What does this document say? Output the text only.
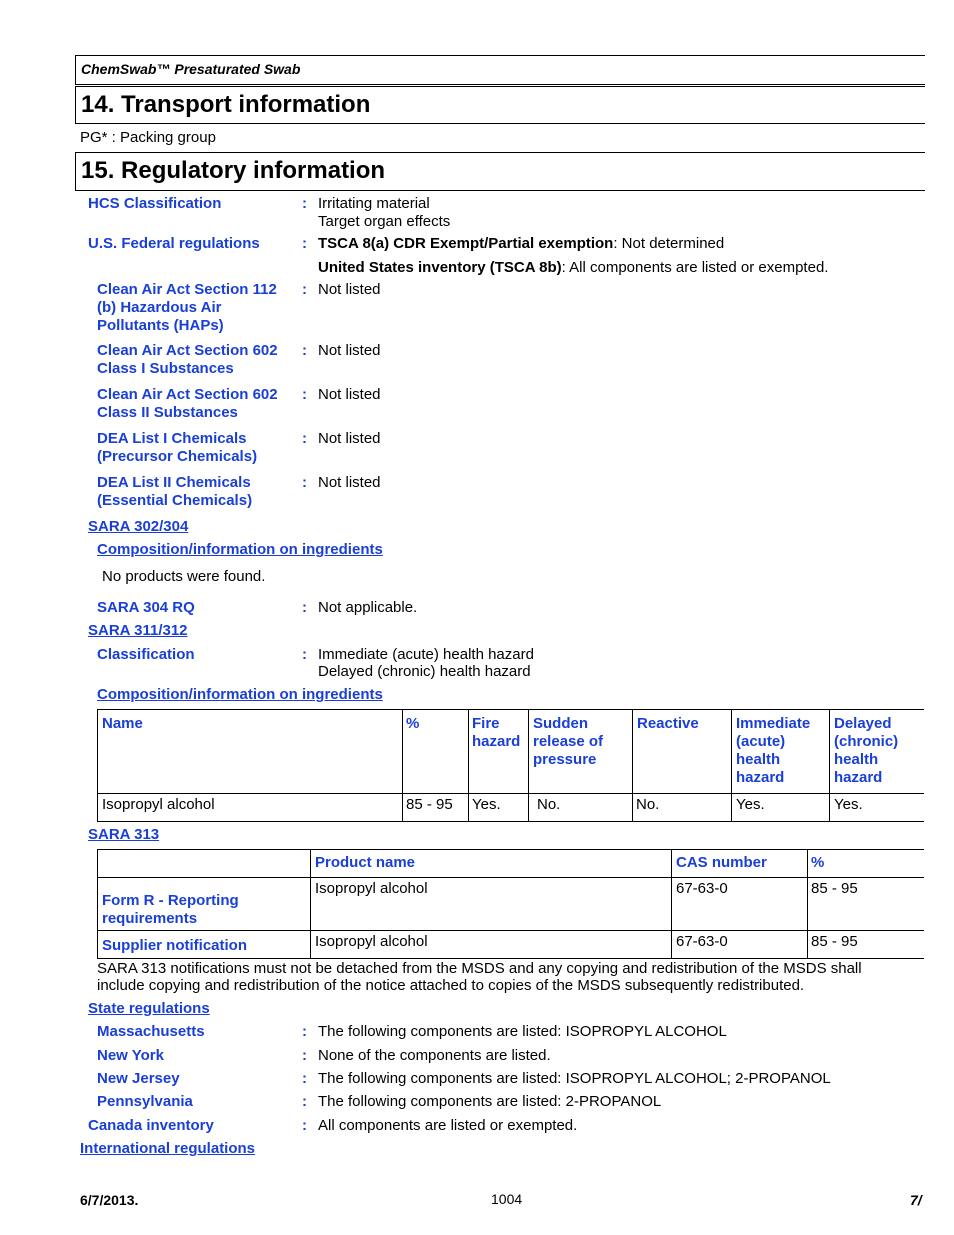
ChemSwab™ Presaturated Swab
14. Transport information
PG* : Packing group
15. Regulatory information
HCS Classification	: Irritating material
Target organ effects
U.S. Federal regulations	: TSCA 8(a) CDR Exempt/Partial exemption: Not determined
United States inventory (TSCA 8b): All components are listed or exempted.
Clean Air Act Section 112 (b) Hazardous Air Pollutants (HAPs)
: Not listed
Clean Air Act Section 602 Class I Substances
: Not listed
Clean Air Act Section 602 Class II Substances
: Not listed
DEA List I Chemicals (Precursor Chemicals)
: Not listed
DEA List II Chemicals (Essential Chemicals)
: Not listed
SARA 302/304
Composition/information on ingredients
No products were found.
SARA 304 RQ	: Not applicable.
SARA 311/312
Classification	: Immediate (acute) health hazard
Delayed (chronic) health hazard
Composition/information on ingredients
Name	%	Fire hazard	Sudden release of pressure	Reactive	Immediate (acute) health hazard	Delayed (chronic) health hazard
Isopropyl alcohol	85 - 95	Yes.	No.	No.	Yes.	Yes.
SARA 313
	Product name	CAS number	%
Form R - Reporting requirements	Isopropyl alcohol	67-63-0	85 - 95
Supplier notification	Isopropyl alcohol	67-63-0	85 - 95
SARA 313 notifications must not be detached from the MSDS and any copying and redistribution of the MSDS shall include copying and redistribution of the notice attached to copies of the MSDS subsequently redistributed.
State regulations
Massachusetts	: The following components are listed: ISOPROPYL ALCOHOL
New York	: None of the components are listed.
New Jersey	: The following components are listed: ISOPROPYL ALCOHOL; 2-PROPANOL
Pennsylvania	: The following components are listed: 2-PROPANOL
Canada inventory	: All components are listed or exempted.
International regulations
6/7/2013.	1004	7/
